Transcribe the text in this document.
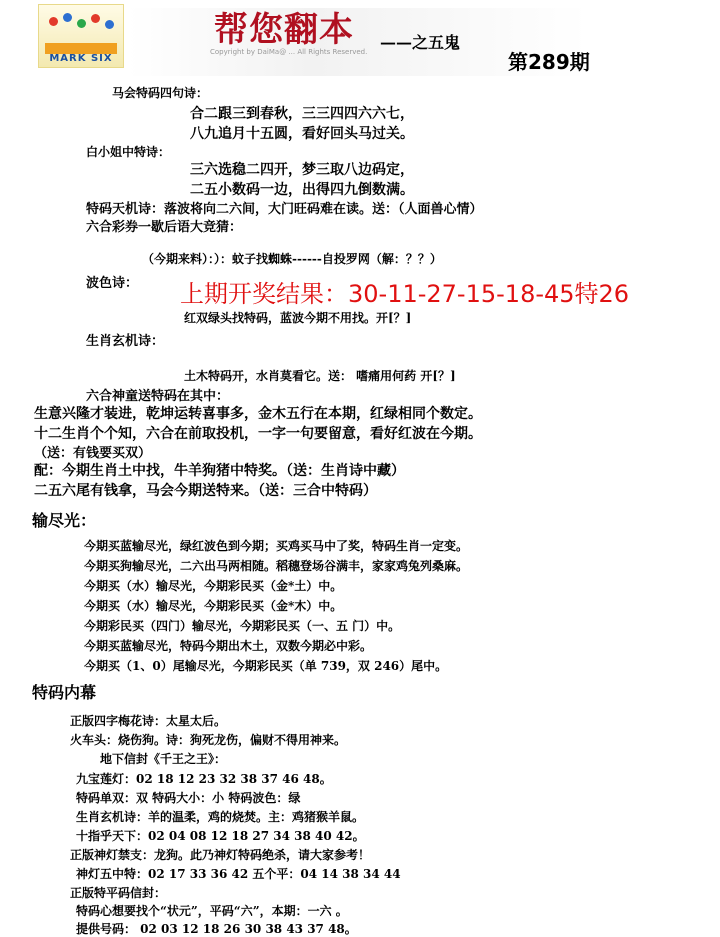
MARK SIX
帮您翻本 ——之五鬼
Copyright by DaiMa@ ... All Rights Reserved.	第289期
马会特码四句诗：
合二跟三到春秋，三三四四六六七，
八九追月十五圆，看好回头马过关。
白小姐中特诗：
三六选稳二四开，梦三取八边码定，
二五小数码一边，出得四九倒数满。
特码天机诗：落波将向二六间，大门旺码难在读。送：（人面兽心情）
六合彩券一歇后语大竞猜：
（今期来料）：）：蚊子找蜘蛛------自投罗网（解：？？）
波色诗： 上期开奖结果：30-11-27-15-18-45特26
红双绿头找特码，蓝波今期不用找。开[？]
生肖玄机诗：
土木特码开，水肖莫看它。送： 嗜痛用何药 开[？]
六合神童送特码在其中：
生意兴隆才装进，乾坤运转喜事多，金木五行在本期，红绿相同个数定。
十二生肖个个知，六合在前取投机，一字一句要留意，看好红波在今期。
（送：有钱要买双）
配：今期生肖土中找，牛羊狗猪中特奖。（送：生肖诗中藏）
二五六尾有钱拿，马会今期送特来。（送：三合中特码）
输尽光：
今期买蓝输尽光，绿红波色到今期；买鸡买马中了奖，特码生肖一定变。
今期买狗输尽光，二六出马两相随。稻穗登场谷满丰，家家鸡兔列桑麻。
今期买（水）输尽光，今期彩民买（金*土）中。
今期买（水）输尽光，今期彩民买（金*木）中。
今期彩民买（四门）输尽光，今期彩民买（一、五 门）中。
今期买蓝输尽光，特码今期出木土，双数今期必中彩。
今期买（1、0）尾输尽光，今期彩民买（单 739，双 246）尾中。
特码内幕
正版四字梅花诗：太星太后。
火车头：烧伤狗。诗：狗死龙伤，偏财不得用神来。
地下信封《千王之王》：
九宝莲灯：02 18 12 23 32 38 37 46 48。
特码单双：双 特码大小：小 特码波色：绿
生肖玄机诗：羊的温柔，鸡的烧焚。主：鸡猪猴羊鼠。
十指乎天下：02 04 08 12 18 27 34 38 40 42。
正版神灯禁支：龙狗。此乃神灯特码绝杀，请大家参考！
神灯五中特：02 17 33 36 42 五个平：04 14 38 34 44
正版特平码信封：
特码心想要找个“状元”，平码“六”，本期：一六 。
提供号码： 02 03 12 18 26 30 38 43 37 48。
